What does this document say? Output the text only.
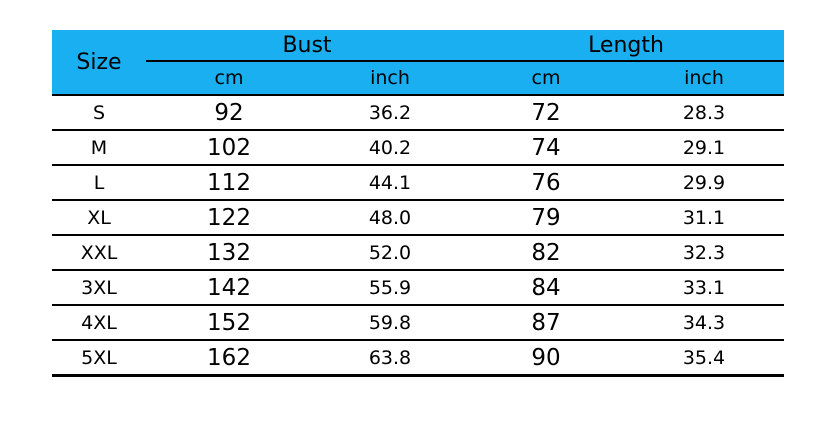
Size	Bust		Length	
	cm	inch	cm	inch
S	92	36.2	72	28.3
M	102	40.2	74	29.1
L	112	44.1	76	29.9
XL	122	48.0	79	31.1
XXL	132	52.0	82	32.3
3XL	142	55.9	84	33.1
4XL	152	59.8	87	34.3
5XL	162	63.8	90	35.4
